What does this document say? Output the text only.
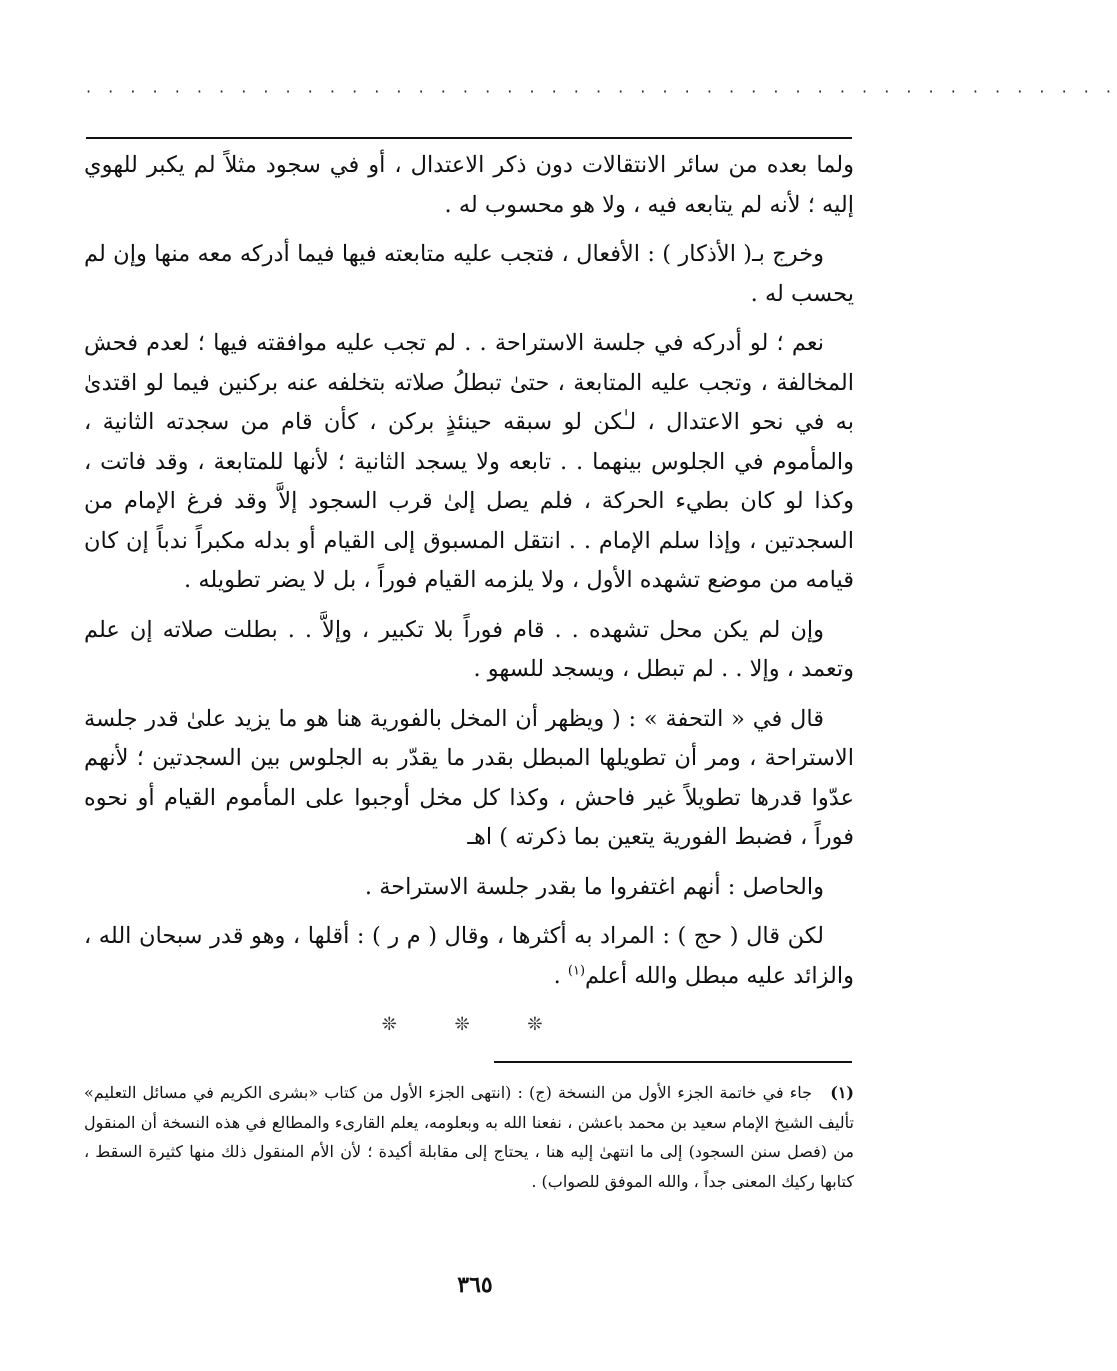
· · · · · · · · · · · · · · · · · · · · · · · · · · · · · · · · · · · · · · · · · · · · · · ·

ولما بعده من سائر الانتقالات دون ذكر الاعتدال ، أو في سجود مثلاً لم يكبر للهوي إليه ؛ لأنه لم يتابعه فيه ، ولا هو محسوب له .

وخرج بـ( الأذكار ) : الأفعال ، فتجب عليه متابعته فيها فيما أدركه معه منها وإن لم يحسب له .

نعم ؛ لو أدركه في جلسة الاستراحة . . لم تجب عليه موافقته فيها ؛ لعدم فحش المخالفة ، وتجب عليه المتابعة ، حتىٰ تبطلُ صلاته بتخلفه عنه بركنين فيما لو اقتدىٰ به في نحو الاعتدال ، لـٰكن لو سبقه حينئذٍ بركن ، كأن قام من سجدته الثانية ، والمأموم في الجلوس بينهما . . تابعه ولا يسجد الثانية ؛ لأنها للمتابعة ، وقد فاتت ، وكذا لو كان بطيء الحركة ، فلم يصل إلىٰ قرب السجود إلاَّ وقد فرغ الإمام من السجدتين ، وإذا سلم الإمام . . انتقل المسبوق إلى القيام أو بدله مكبراً ندباً إن كان قيامه من موضع تشهده الأول ، ولا يلزمه القيام فوراً ، بل لا يضر تطويله .

وإن لم يكن محل تشهده . . قام فوراً بلا تكبير ، وإلاَّ . . بطلت صلاته إن علم وتعمد ، وإلا . . لم تبطل ، ويسجد للسهو .

قال في « التحفة » : ( ويظهر أن المخل بالفورية هنا هو ما يزيد علىٰ قدر جلسة الاستراحة ، ومر أن تطويلها المبطل بقدر ما يقدّر به الجلوس بين السجدتين ؛ لأنهم عدّوا قدرها تطويلاً غير فاحش ، وكذا كل مخل أوجبوا على المأموم القيام أو نحوه فوراً ، فضبط الفورية يتعين بما ذكرته ) اهـ

والحاصل : أنهم اغتفروا ما بقدر جلسة الاستراحة .

لكن قال ( حج ) : المراد به أكثرها ، وقال ( م ر ) : أقلها ، وهو قدر سبحان الله ، والزائد عليه مبطل والله أعلم$^{(١)}$ .

❊ ❊ ❊
(١)جاء في خاتمة الجزء الأول من النسخة (ج) : (انتهى الجزء الأول من كتاب «بشرى الكريم في مسائل التعليم» تأليف الشيخ الإمام سعيد بن محمد باعشن ، نفعنا الله به وبعلومه، يعلم القارىء والمطالع في هذه النسخة أن المنقول من (فصل سنن السجود) إلى ما انتهىٰ إليه هنا ، يحتاج إلى مقابلة أكيدة ؛ لأن الأم المنقول ذلك منها كثيرة السقط ، كتابها ركيك المعنى جداً ، والله الموفق للصواب) .
٣٦٥
